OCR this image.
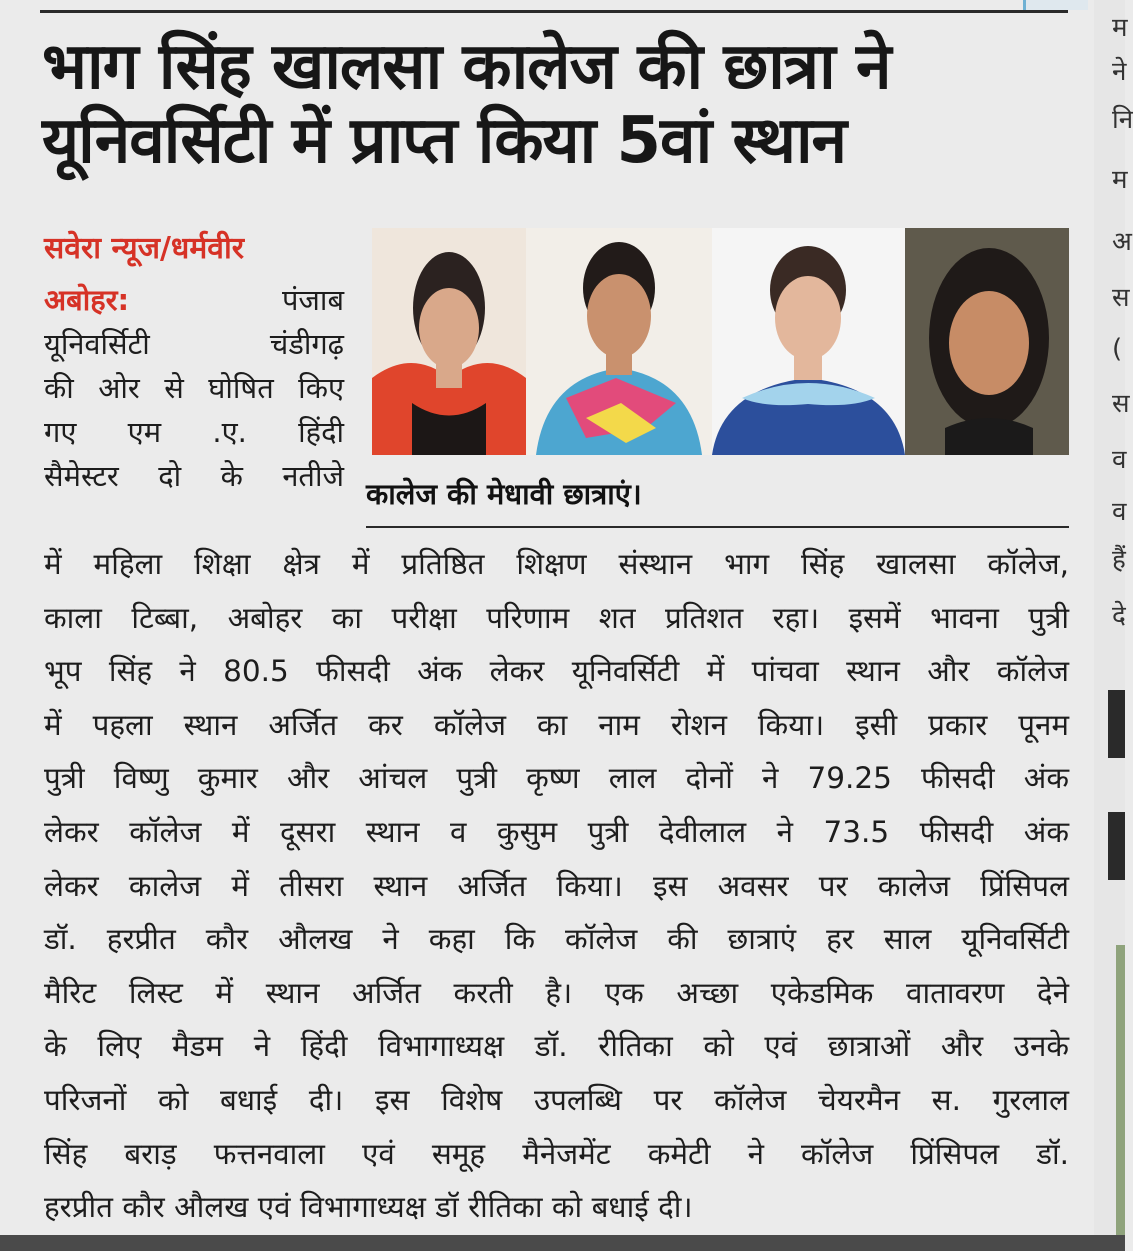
भाग सिंह खालसा कालेज की छात्रा ने
यूनिवर्सिटी में प्राप्त किया 5वां स्थान
सवेरा न्यूज/धर्मवीर
अबोहर:	पंजाब
यूनिवर्सिटी चंडीगढ़
की ओर से घोषित किए
गए एम .ए. हिंदी
सैमेस्टर दो के नतीजे
कालेज की मेधावी छात्राएं।
में महिला शिक्षा क्षेत्र में प्रतिष्ठित शिक्षण संस्थान भाग सिंह खालसा कॉलेज,
काला टिब्बा, अबोहर का परीक्षा परिणाम शत प्रतिशत रहा। इसमें भावना पुत्री
भूप सिंह ने 80.5 फीसदी अंक लेकर यूनिवर्सिटी में पांचवा स्थान और कॉलेज
में पहला स्थान अर्जित कर कॉलेज का नाम रोशन किया। इसी प्रकार पूनम
पुत्री विष्णु कुमार और आंचल पुत्री कृष्ण लाल दोनों ने 79.25 फीसदी अंक
लेकर कॉलेज में दूसरा स्थान व कुसुम पुत्री देवीलाल ने 73.5 फीसदी अंक
लेकर कालेज में तीसरा स्थान अर्जित किया। इस अवसर पर कालेज प्रिंसिपल
डॉ. हरप्रीत कौर औलख ने कहा कि कॉलेज की छात्राएं हर साल यूनिवर्सिटी
मैरिट लिस्ट में स्थान अर्जित करती है। एक अच्छा एकेडमिक वातावरण देने
के लिए मैडम ने हिंदी विभागाध्यक्ष डॉ. रीतिका को एवं छात्राओं और उनके
परिजनों को बधाई दी। इस विशेष उपलब्धि पर कॉलेज चेयरमैन स. गुरलाल
सिंह बराड़ फत्तनवाला एवं समूह मैनेजमेंट कमेटी ने कॉलेज प्रिंसिपल डॉ.
हरप्रीत कौर औलख एवं विभागाध्यक्ष डॉ रीतिका को बधाई दी।
म
ने
नि
म
अ
स
(
स
व
व
हैं
दे
